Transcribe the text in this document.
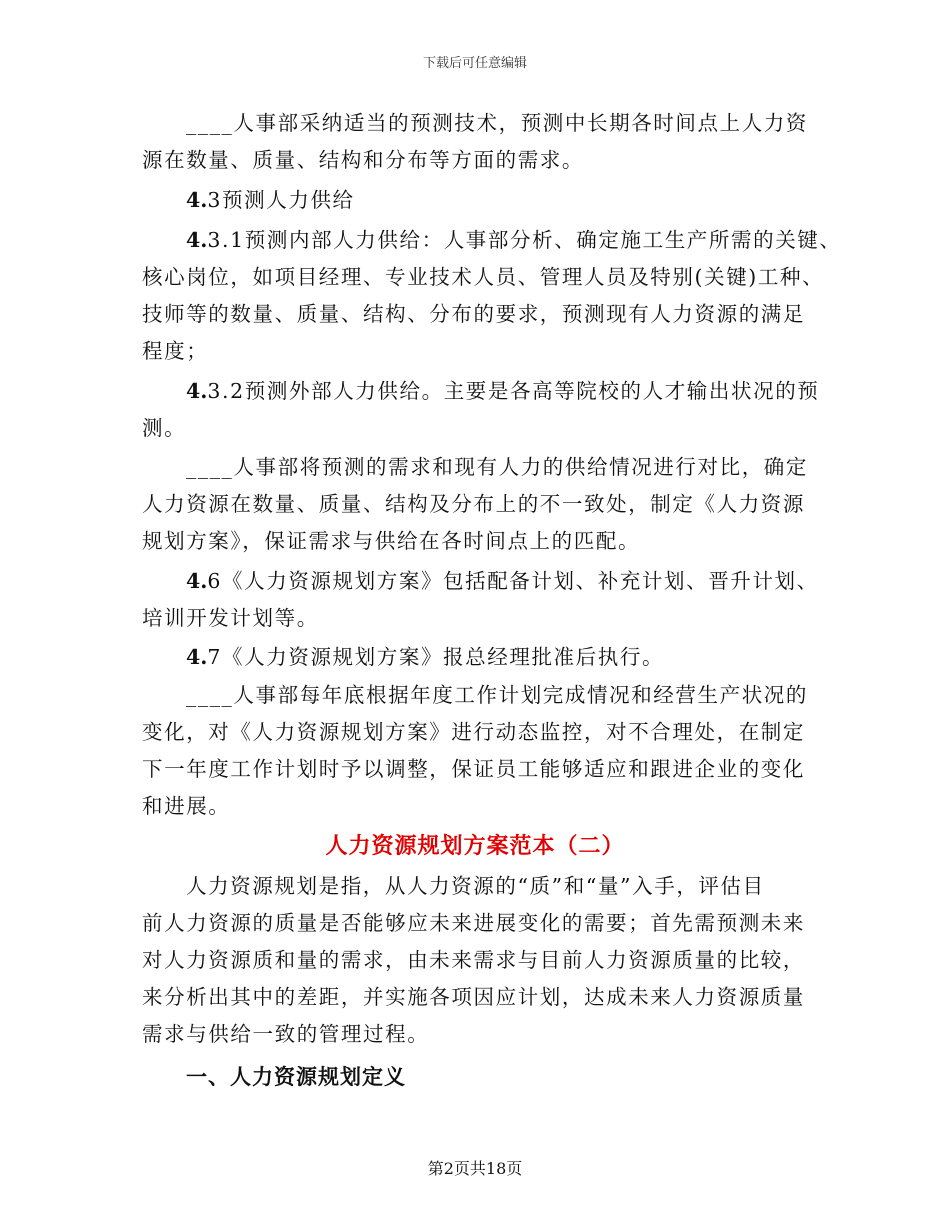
下载后可任意编辑
____人事部采纳适当的预测技术，预测中长期各时间点上人力资
源在数量、质量、结构和分布等方面的需求。
4.3预测人力供给
4.3.1预测内部人力供给：人事部分析、确定施工生产所需的关键、
核心岗位，如项目经理、专业技术人员、管理人员及特别(关键)工种、
技师等的数量、质量、结构、分布的要求，预测现有人力资源的满足
程度；
4.3.2预测外部人力供给。主要是各高等院校的人才输出状况的预
测。
____人事部将预测的需求和现有人力的供给情况进行对比，确定
人力资源在数量、质量、结构及分布上的不一致处，制定《人力资源
规划方案》，保证需求与供给在各时间点上的匹配。
4.6《人力资源规划方案》包括配备计划、补充计划、晋升计划、
培训开发计划等。
4.7《人力资源规划方案》报总经理批准后执行。
____人事部每年底根据年度工作计划完成情况和经营生产状况的
变化，对《人力资源规划方案》进行动态监控，对不合理处，在制定
下一年度工作计划时予以调整，保证员工能够适应和跟进企业的变化
和进展。
人力资源规划方案范本（二）
人力资源规划是指，从人力资源的“质”和“量”入手，评估目
前人力资源的质量是否能够应未来进展变化的需要；首先需预测未来
对人力资源质和量的需求，由未来需求与目前人力资源质量的比较，
来分析出其中的差距，并实施各项因应计划，达成未来人力资源质量
需求与供给一致的管理过程。
一、人力资源规划定义
第2页共18页
